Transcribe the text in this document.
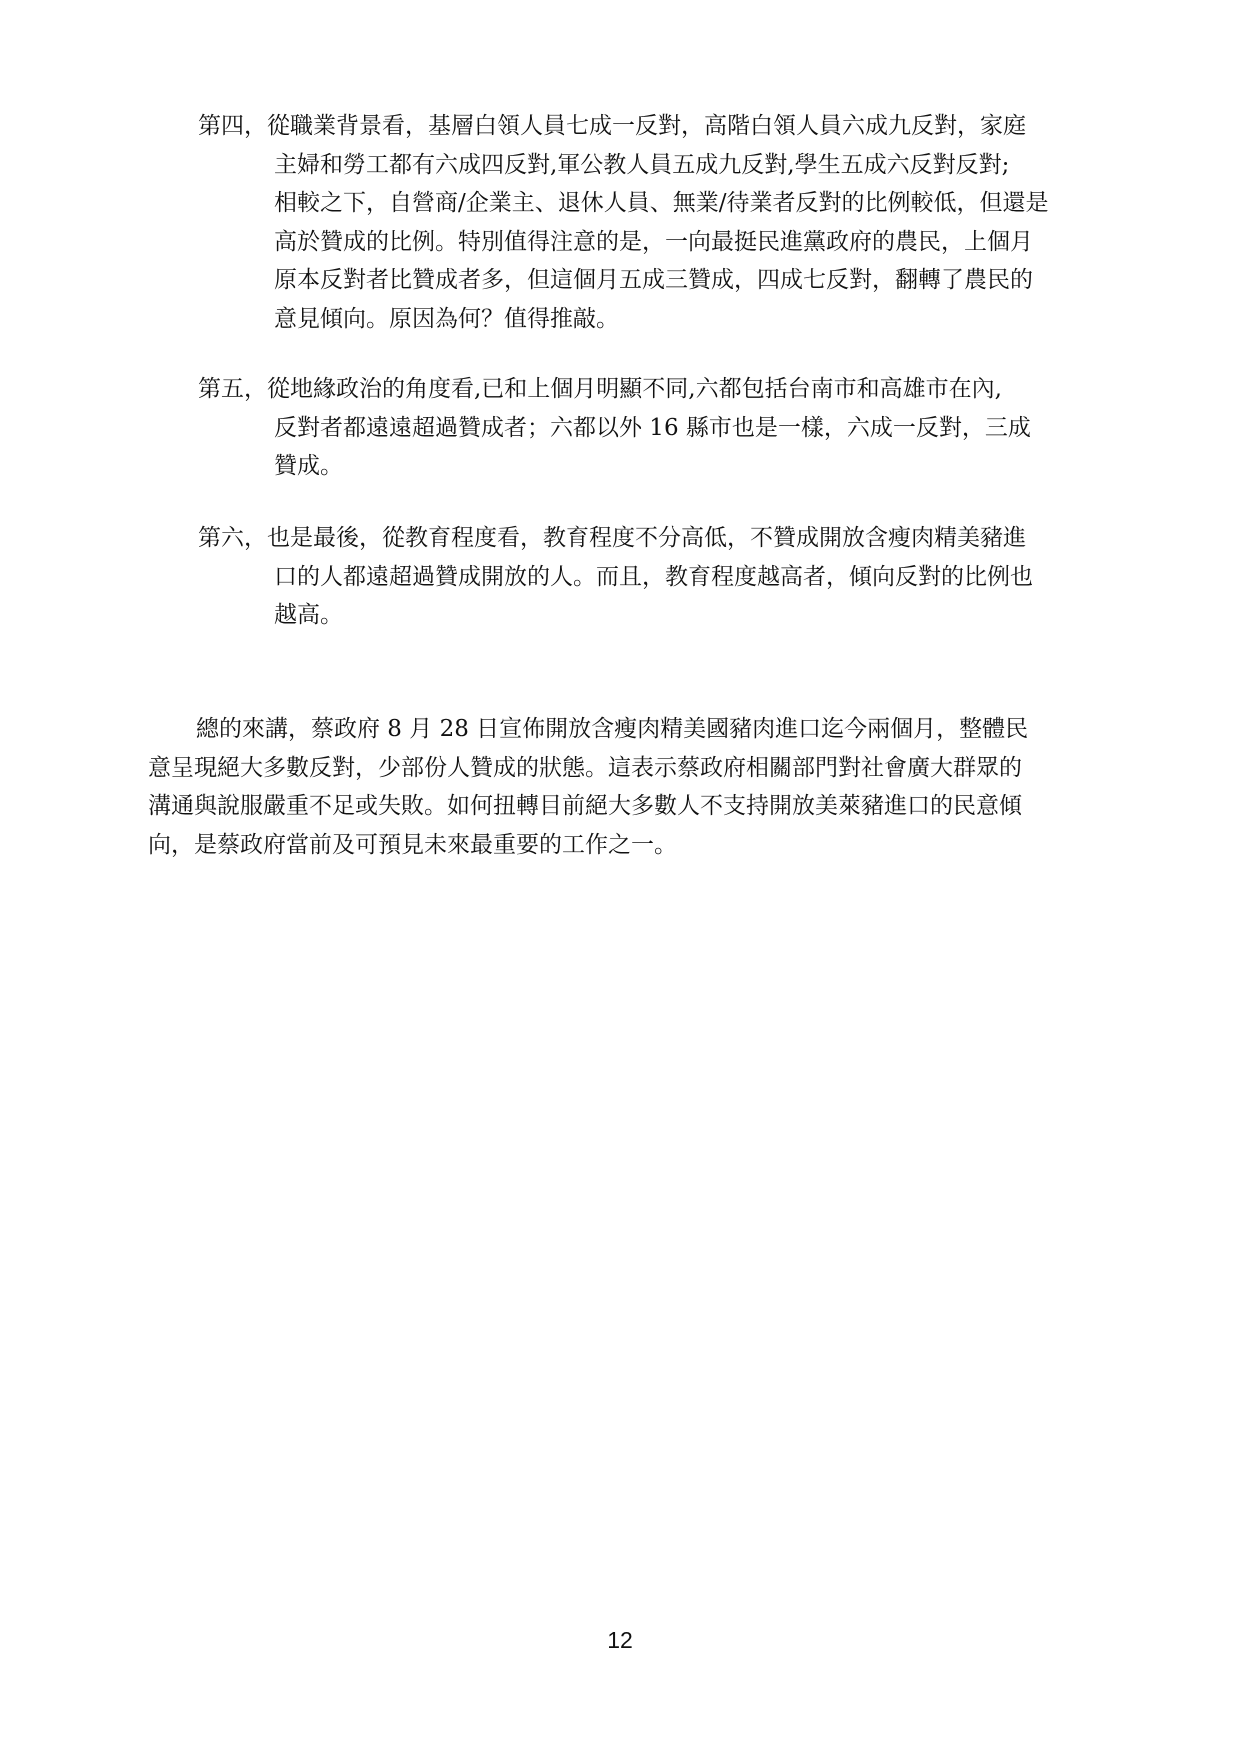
第四，從職業背景看，基層白領人員七成一反對，高階白領人員六成九反對，家庭
主婦和勞工都有六成四反對,軍公教人員五成九反對,學生五成六反對反對;
相較之下，自營商/企業主、退休人員、無業/待業者反對的比例較低，但還是
高於贊成的比例。特別值得注意的是，一向最挺民進黨政府的農民，上個月
原本反對者比贊成者多，但這個月五成三贊成，四成七反對，翻轉了農民的
意見傾向。原因為何？值得推敲。

第五，從地緣政治的角度看,已和上個月明顯不同,六都包括台南市和高雄市在內,
反對者都遠遠超過贊成者；六都以外 16 縣市也是一樣，六成一反對，三成
贊成。

第六，也是最後，從教育程度看，教育程度不分高低，不贊成開放含瘦肉精美豬進
口的人都遠超過贊成開放的人。而且，教育程度越高者，傾向反對的比例也
越高。

總的來講，蔡政府 8 月 28 日宣佈開放含瘦肉精美國豬肉進口迄今兩個月，整體民
意呈現絕大多數反對，少部份人贊成的狀態。這表示蔡政府相關部門對社會廣大群眾的
溝通與說服嚴重不足或失敗。如何扭轉目前絕大多數人不支持開放美萊豬進口的民意傾
向，是蔡政府當前及可預見未來最重要的工作之一。

12
